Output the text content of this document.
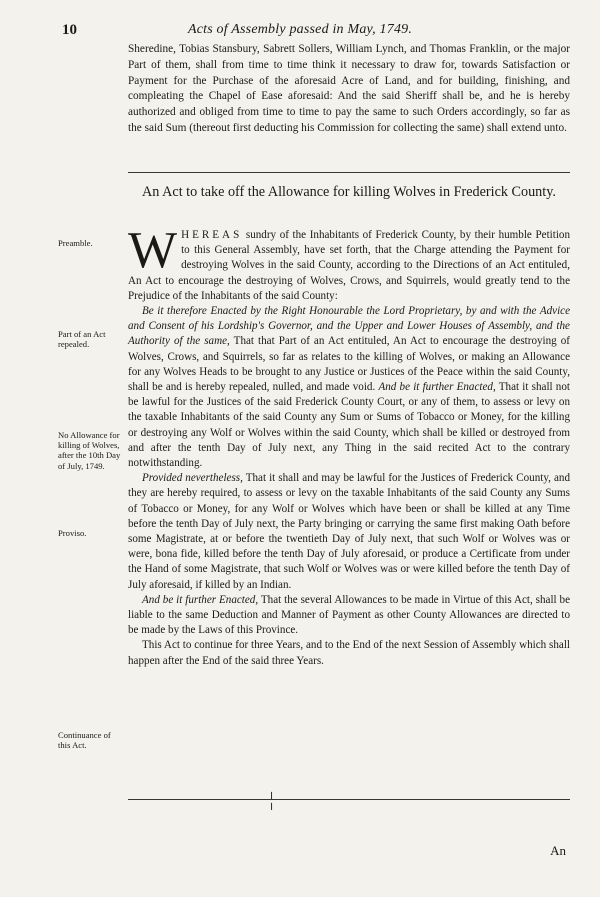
10	Acts of Assembly passed in May, 1749.

Sheredine, Tobias Stansbury, Sabrett Sollers, William Lynch, and Thomas Franklin, or the major Part of them, shall from time to time think it necessary to draw for, towards Satisfaction or Payment for the Purchase of the aforesaid Acre of Land, and for building, finishing, and compleating the Chapel of Ease aforesaid: And the said Sheriff shall be, and he is hereby authorized and obliged from time to time to pay the same to such Orders accordingly, so far as the said Sum (thereout first deducting his Commission for collecting the same) shall extend unto.

An Act to take off the Allowance for killing Wolves in Frederick County.
Preamble.
Part of an Act repealed.
No Allowance for killing of Wolves, after the 10th Day of July, 1749.
Proviso.
Continuance of this Act.

WHEREAS sundry of the Inhabitants of Frederick County, by their humble Petition to this General Assembly, have set forth, that the Charge attending the Payment for destroying Wolves in the said County, according to the Directions of an Act entituled, An Act to encourage the destroying of Wolves, Crows, and Squirrels, would greatly tend to the Prejudice of the Inhabitants of the said County:

Be it therefore Enacted by the Right Honourable the Lord Proprietary, by and with the Advice and Consent of his Lordship's Governor, and the Upper and Lower Houses of Assembly, and the Authority of the same, That that Part of an Act entituled, An Act to encourage the destroying of Wolves, Crows, and Squirrels, so far as relates to the killing of Wolves, or making an Allowance for any Wolves Heads to be brought to any Justice or Justices of the Peace within the said County, shall be and is hereby repealed, nulled, and made void. And be it further Enacted, That it shall not be lawful for the Justices of the said Frederick County Court, or any of them, to assess or levy on the taxable Inhabitants of the said County any Sum or Sums of Tobacco or Money, for the killing or destroying any Wolf or Wolves within the said County, which shall be killed or destroyed from and after the tenth Day of July next, any Thing in the said recited Act to the contrary notwithstanding.

Provided nevertheless, That it shall and may be lawful for the Justices of Frederick County, and they are hereby required, to assess or levy on the taxable Inhabitants of the said County any Sums of Tobacco or Money, for any Wolf or Wolves which have been or shall be killed at any Time before the tenth Day of July next, the Party bringing or carrying the same first making Oath before some Magistrate, at or before the twentieth Day of July next, that such Wolf or Wolves was or were, bona fide, killed before the tenth Day of July aforesaid, or produce a Certificate from under the Hand of some Magistrate, that such Wolf or Wolves was or were killed before the tenth Day of July aforesaid, if killed by an Indian.

And be it further Enacted, That the several Allowances to be made in Virtue of this Act, shall be liable to the same Deduction and Manner of Payment as other County Allowances are directed to be made by the Laws of this Province.

This Act to continue for three Years, and to the End of the next Session of Assembly which shall happen after the End of the said three Years.

╷
╵
An
